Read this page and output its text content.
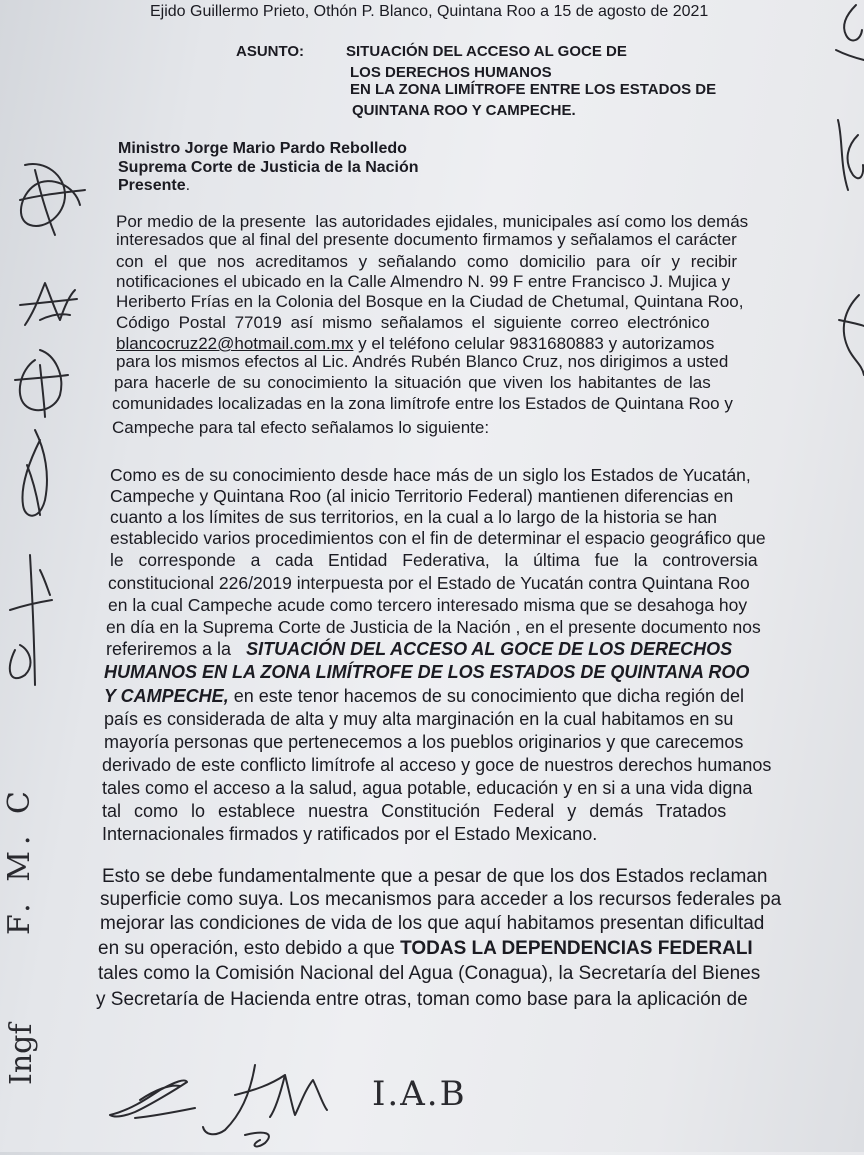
Ejido Guillermo Prieto, Othón P. Blanco, Quintana Roo a 15 de agosto de 2021
ASUNTO:	SITUACIÓN DEL ACCESO AL GOCE DE
LOS DERECHOS HUMANOS
EN LA ZONA LIMÍTROFE ENTRE LOS ESTADOS DE
QUINTANA ROO Y CAMPECHE.
Ministro Jorge Mario Pardo Rebolledo
Suprema Corte de Justicia de la Nación
Presente.
Por medio de la presente  las autoridades ejidales, municipales así como los demás
interesados que al final del presente documento firmamos y señalamos el carácter
con el que nos acreditamos y señalando como domicilio para oír y recibir
notificaciones el ubicado en la Calle Almendro N. 99 F entre Francisco J. Mujica y
Heriberto Frías en la Colonia del Bosque en la Ciudad de Chetumal, Quintana Roo,
Código Postal 77019 así mismo señalamos el siguiente correo electrónico
blancocruz22@hotmail.com.mx y el teléfono celular 9831680883 y autorizamos
para los mismos efectos al Lic. Andrés Rubén Blanco Cruz, nos dirigimos a usted
para hacerle de su conocimiento la situación que viven los habitantes de las
comunidades localizadas en la zona limítrofe entre los Estados de Quintana Roo y
Campeche para tal efecto señalamos lo siguiente:
Como es de su conocimiento desde hace más de un siglo los Estados de Yucatán,
Campeche y Quintana Roo (al inicio Territorio Federal) mantienen diferencias en
cuanto a los límites de sus territorios, en la cual a lo largo de la historia se han
establecido varios procedimientos con el fin de determinar el espacio geográfico que
le corresponde a cada Entidad Federativa, la última fue la controversia
constitucional 226/2019 interpuesta por el Estado de Yucatán contra Quintana Roo
en la cual Campeche acude como tercero interesado misma que se desahoga hoy
en día en la Suprema Corte de Justicia de la Nación , en el presente documento nos
referiremos a la SITUACIÓN DEL ACCESO AL GOCE DE LOS DERECHOS
HUMANOS EN LA ZONA LIMÍTROFE DE LOS ESTADOS DE QUINTANA ROO
Y CAMPECHE, en este tenor hacemos de su conocimiento que dicha región del
país es considerada de alta y muy alta marginación en la cual habitamos en su
mayoría personas que pertenecemos a los pueblos originarios y que carecemos
derivado de este conflicto limítrofe al acceso y goce de nuestros derechos humanos
tales como el acceso a la salud, agua potable, educación y en si a una vida digna
tal como lo establece nuestra Constitución Federal y demás Tratados
Internacionales firmados y ratificados por el Estado Mexicano.
Esto se debe fundamentalmente que a pesar de que los dos Estados reclaman
superficie como suya. Los mecanismos para acceder a los recursos federales pa
mejorar las condiciones de vida de los que aquí habitamos presentan dificultad
en su operación, esto debido a que TODAS LA DEPENDENCIAS FEDERALI
tales como la Comisión Nacional del Agua (Conagua), la Secretaría del Bienes
y Secretaría de Hacienda entre otras, toman como base para la aplicación de
I.A.B
F. M. C
Ingf
